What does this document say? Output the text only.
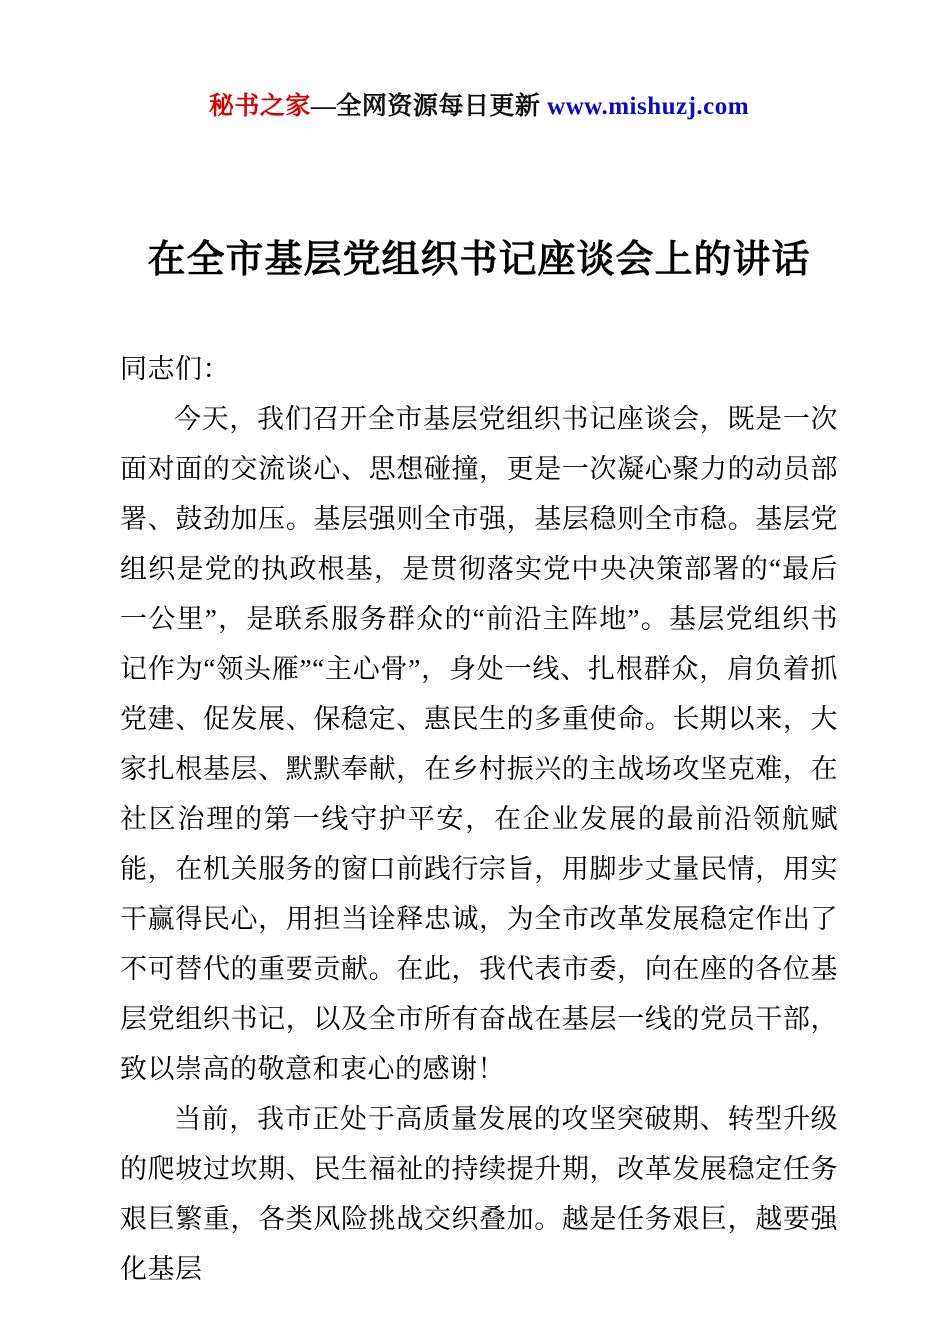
秘书之家—全网资源每日更新 www.mishuzj.com
在全市基层党组织书记座谈会上的讲话

同志们：

今天，我们召开全市基层党组织书记座谈会，既是一次面对面的交流谈心、思想碰撞，更是一次凝心聚力的动员部署、鼓劲加压。基层强则全市强，基层稳则全市稳。基层党组织是党的执政根基，是贯彻落实党中央决策部署的“最后一公里”，是联系服务群众的“前沿主阵地”。基层党组织书记作为“领头雁”“主心骨”，身处一线、扎根群众，肩负着抓党建、促发展、保稳定、惠民生的多重使命。长期以来，大家扎根基层、默默奉献，在乡村振兴的主战场攻坚克难，在社区治理的第一线守护平安，在企业发展的最前沿领航赋能，在机关服务的窗口前践行宗旨，用脚步丈量民情，用实干赢得民心，用担当诠释忠诚，为全市改革发展稳定作出了不可替代的重要贡献。在此，我代表市委，向在座的各位基层党组织书记，以及全市所有奋战在基层一线的党员干部，致以崇高的敬意和衷心的感谢！

当前，我市正处于高质量发展的攻坚突破期、转型升级的爬坡过坎期、民生福祉的持续提升期，改革发展稳定任务艰巨繁重，各类风险挑战交织叠加。越是任务艰巨，越要强化基层
